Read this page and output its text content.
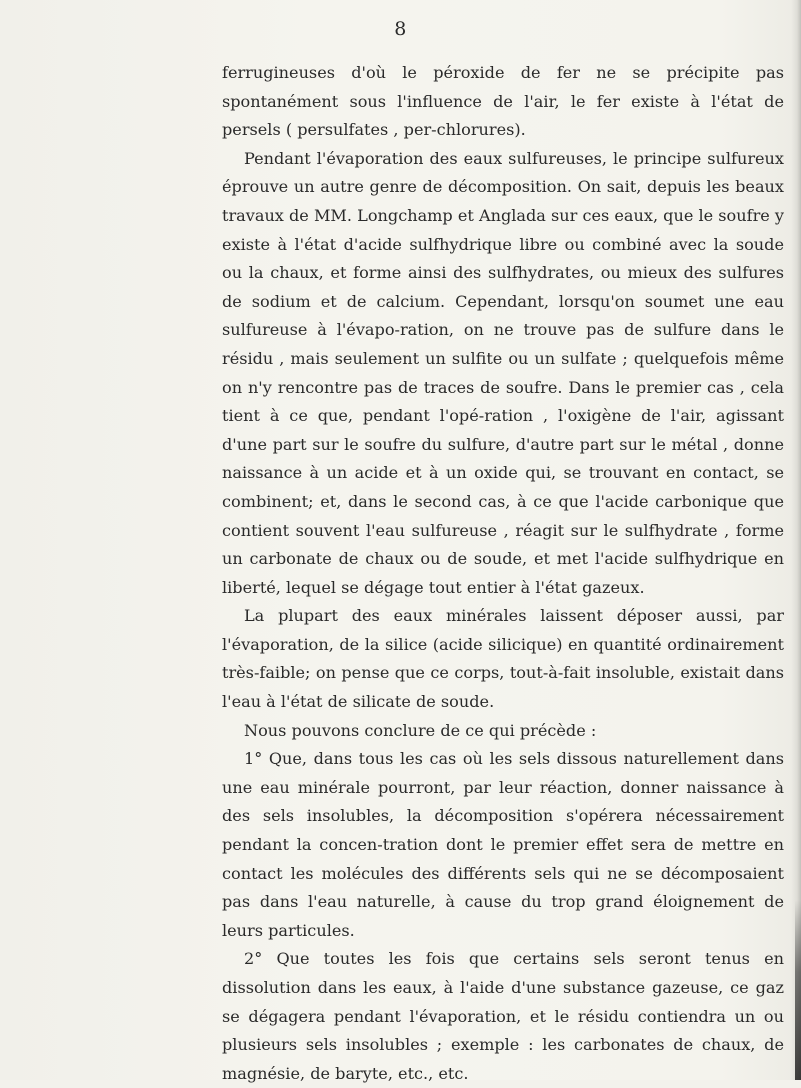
8

ferrugineuses d'où le péroxide de fer ne se précipite pas spontanément sous l'influence de l'air, le fer existe à l'état de persels ( persulfates , per-chlorures).

Pendant l'évaporation des eaux sulfureuses, le principe sulfureux éprouve un autre genre de décomposition. On sait, depuis les beaux travaux de MM. Longchamp et Anglada sur ces eaux, que le soufre y existe à l'état d'acide sulfhydrique libre ou combiné avec la soude ou la chaux, et forme ainsi des sulfhydrates, ou mieux des sulfures de sodium et de calcium. Cependant, lorsqu'on soumet une eau sulfureuse à l'évapo-ration, on ne trouve pas de sulfure dans le résidu , mais seulement un sulfite ou un sulfate ; quelquefois même on n'y rencontre pas de traces de soufre. Dans le premier cas , cela tient à ce que, pendant l'opé-ration , l'oxigène de l'air, agissant d'une part sur le soufre du sulfure, d'autre part sur le métal , donne naissance à un acide et à un oxide qui, se trouvant en contact, se combinent; et, dans le second cas, à ce que l'acide carbonique que contient souvent l'eau sulfureuse , réagit sur le sulfhydrate , forme un carbonate de chaux ou de soude, et met l'acide sulfhydrique en liberté, lequel se dégage tout entier à l'état gazeux.

La plupart des eaux minérales laissent déposer aussi, par l'évaporation, de la silice (acide silicique) en quantité ordinairement très-faible; on pense que ce corps, tout-à-fait insoluble, existait dans l'eau à l'état de silicate de soude.

Nous pouvons conclure de ce qui précède :

1° Que, dans tous les cas où les sels dissous naturellement dans une eau minérale pourront, par leur réaction, donner naissance à des sels insolubles, la décomposition s'opérera nécessairement pendant la concen-tration dont le premier effet sera de mettre en contact les molécules des différents sels qui ne se décomposaient pas dans l'eau naturelle, à cause du trop grand éloignement de leurs particules.

2° Que toutes les fois que certains sels seront tenus en dissolution dans les eaux, à l'aide d'une substance gazeuse, ce gaz se dégagera pendant l'évaporation, et le résidu contiendra un ou plusieurs sels insolubles ; exemple : les carbonates de chaux, de magnésie, de baryte, etc., etc.
